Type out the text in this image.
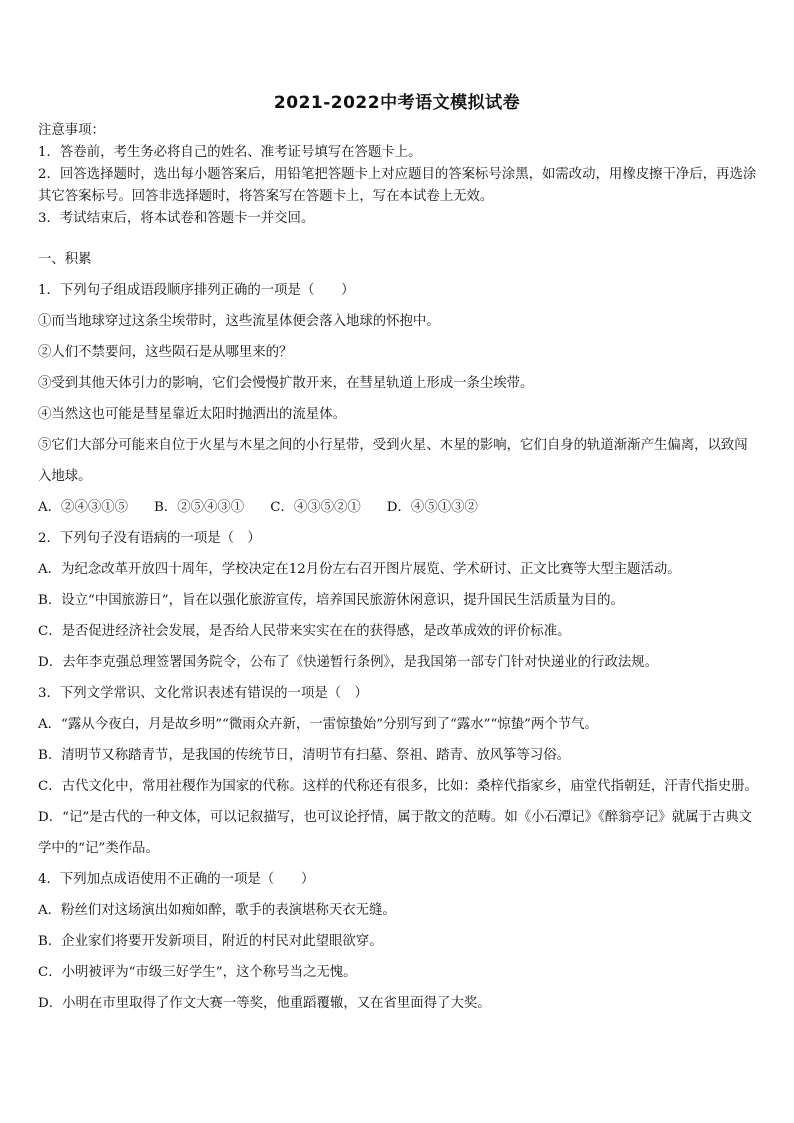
2021-2022中考语文模拟试卷
注意事项：
1．答卷前，考生务必将自己的姓名、准考证号填写在答题卡上。
2．回答选择题时，选出每小题答案后，用铅笔把答题卡上对应题目的答案标号涂黑，如需改动，用橡皮擦干净后，再选涂其它答案标号。回答非选择题时，将答案写在答题卡上，写在本试卷上无效。
3．考试结束后，将本试卷和答题卡一并交回。
一、积累
1．下列句子组成语段顺序排列正确的一项是（　　）
①而当地球穿过这条尘埃带时，这些流星体便会落入地球的怀抱中。
②人们不禁要问，这些陨石是从哪里来的？
③受到其他天体引力的影响，它们会慢慢扩散开来，在彗星轨道上形成一条尘埃带。
④当然这也可能是彗星靠近太阳时抛洒出的流星体。
⑤它们大部分可能来自位于火星与木星之间的小行星带，受到火星、木星的影响，它们自身的轨道渐渐产生偏离，以致闯入地球。
A．②④③①⑤ B．②⑤④③① C．④③⑤②① D．④⑤①③②
2．下列句子没有语病的一项是（　）
A．为纪念改革开放四十周年，学校决定在12月份左右召开图片展览、学术研讨、正文比赛等大型主题活动。
B．设立“中国旅游日”，旨在以强化旅游宣传，培养国民旅游休闲意识，提升国民生活质量为目的。
C．是否促进经济社会发展，是否给人民带来实实在在的获得感，是改革成效的评价标准。
D．去年李克强总理签署国务院令，公布了《快递暂行条例》，是我国第一部专门针对快递业的行政法规。
3．下列文学常识、文化常识表述有错误的一项是（　）
A．“露从今夜白，月是故乡明”“微雨众卉新，一雷惊蛰始”分别写到了“露水”“惊蛰”两个节气。
B．清明节又称踏青节，是我国的传统节日，清明节有扫墓、祭祖、踏青、放风筝等习俗。
C．古代文化中，常用社稷作为国家的代称。这样的代称还有很多，比如：桑梓代指家乡，庙堂代指朝廷，汗青代指史册。
D．“记”是古代的一种文体，可以记叙描写，也可议论抒情，属于散文的范畴。如《小石潭记》《醉翁亭记》就属于古典文学中的“记”类作品。
4．下列加点成语使用不正确的一项是（　　）
A．粉丝们对这场演出如痴如醉，歌手的表演堪称天衣无缝。
B．企业家们将要开发新项目，附近的村民对此望眼欲穿。
C．小明被评为“市级三好学生”，这个称号当之无愧。
D．小明在市里取得了作文大赛一等奖，他重蹈覆辙，又在省里面得了大奖。
